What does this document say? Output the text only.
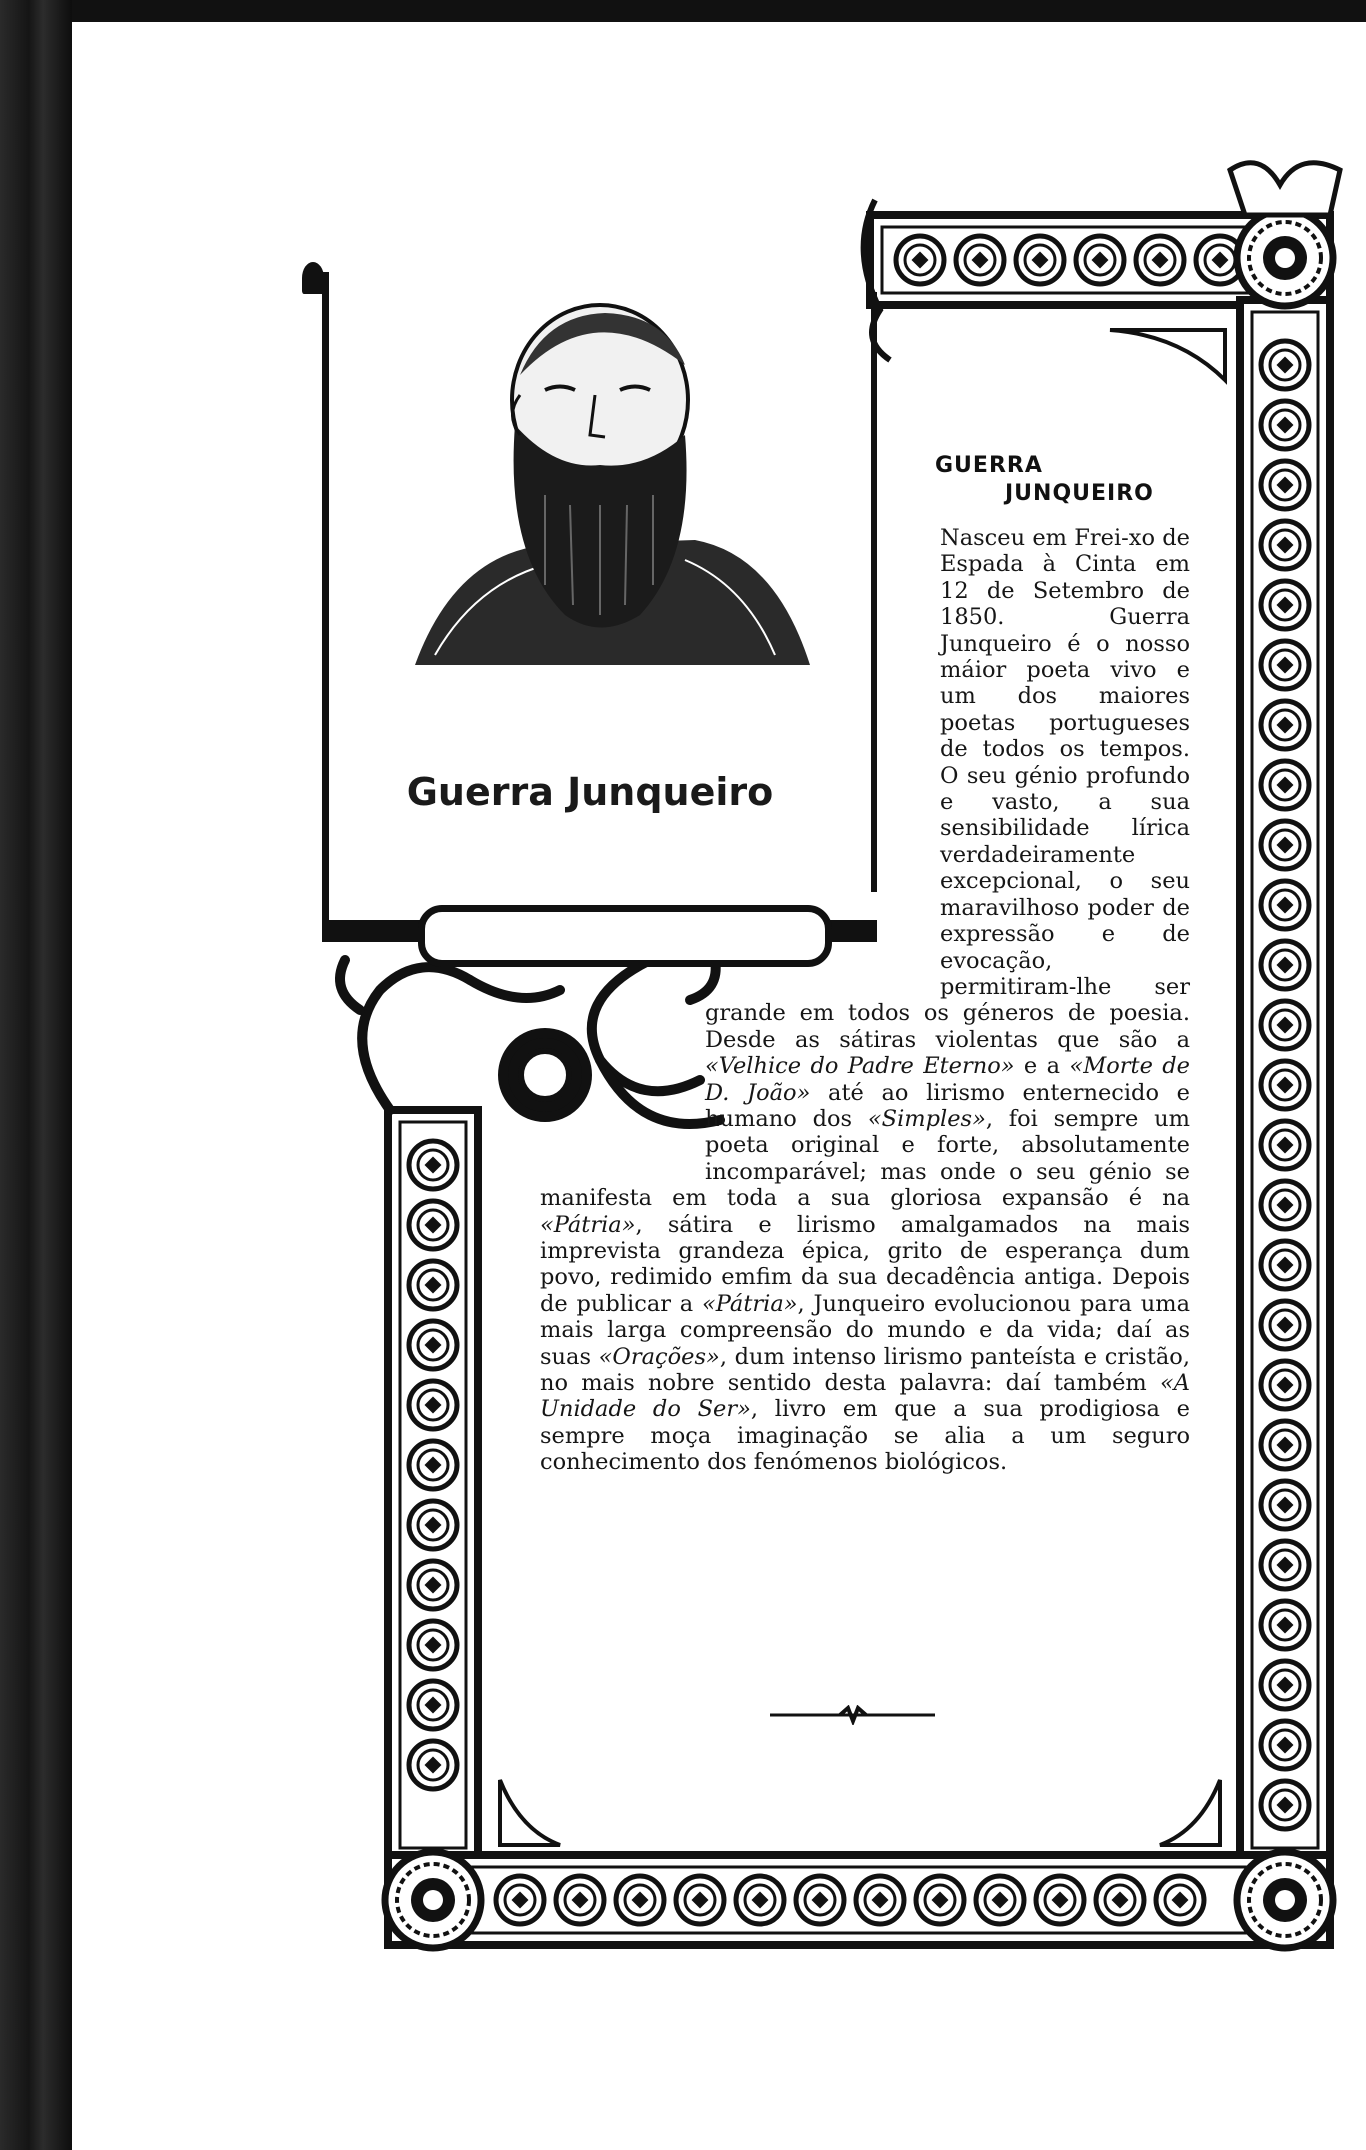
Guerra Junqueiro
GUERRA
JUNQUEIRO

Nasceu em Frei-xo de Espada à Cinta em 12 de Setembro de 1850. Guerra Junqueiro é o nosso máior poeta vivo e um dos maiores poetas portugueses de todos os tempos. O seu génio profundo e vasto, a sua sensibilidade lírica verdadeiramente excepcional, o seu maravilhoso poder de expressão e de evocação, permitiram-lhe ser grande em todos os géneros de poesia. Desde as sátiras violentas que são a «Velhice do Padre Eterno» e a «Morte de D. João» até ao lirismo enternecido e humano dos «Simples», foi sempre um poeta original e forte, absolutamente incomparável; mas onde o seu génio se manifesta em toda a sua gloriosa expansão é na «Pátria», sátira e lirismo amalgamados na mais imprevista grandeza épica, grito de esperança dum povo, redimido emfim da sua decadência antiga. Depois de publicar a «Pátria», Junqueiro evolucionou para uma mais larga compreensão do mundo e da vida; daí as suas «Orações», dum intenso lirismo panteísta e cristão, no mais nobre sentido desta palavra: daí também «A Unidade do Ser», livro em que a sua prodigiosa e sempre moça imaginação se alia a um seguro conhecimento dos fenómenos biológicos.
